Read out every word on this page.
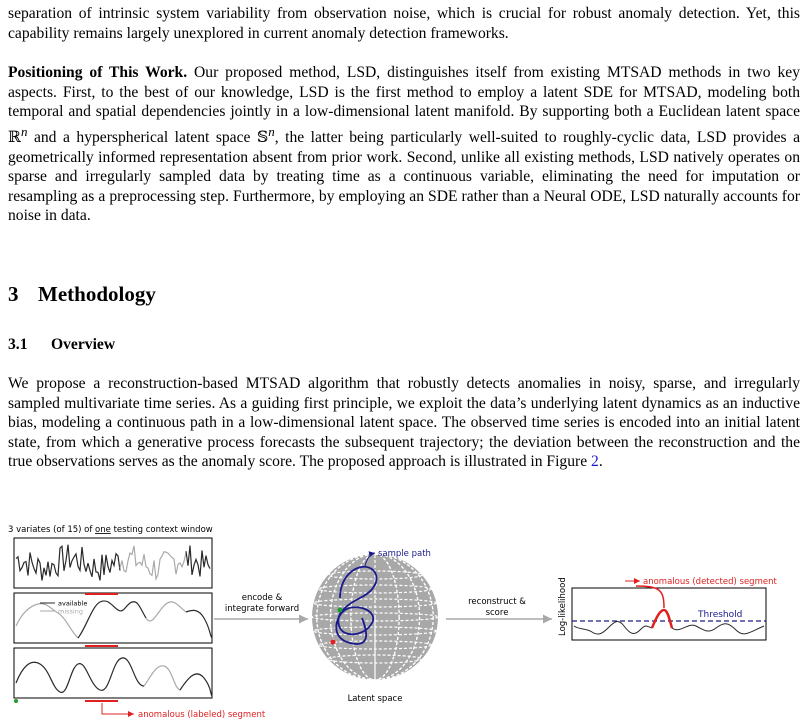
separation of intrinsic system variability from observation noise, which is crucial for robust anomaly detection. Yet, this capability remains largely unexplored in current anomaly detection frameworks.

Positioning of This Work. Our proposed method, LSD, distinguishes itself from existing MTSAD methods in two key aspects. First, to the best of our knowledge, LSD is the first method to employ a latent SDE for MTSAD, modeling both temporal and spatial dependencies jointly in a low-dimensional latent manifold. By supporting both a Euclidean latent space ℝ$^n$ and a hyperspherical latent space 𝕊$^n$, the latter being particularly well-suited to roughly-cyclic data, LSD provides a geometrically informed representation absent from prior work. Second, unlike all existing methods, LSD natively operates on sparse and irregularly sampled data by treating time as a continuous variable, eliminating the need for imputation or resampling as a preprocessing step. Furthermore, by employing an SDE rather than a Neural ODE, LSD naturally accounts for noise in data.

3 Methodology
3.1 Overview

We propose a reconstruction-based MTSAD algorithm that robustly detects anomalies in noisy, sparse, and irregularly sampled multivariate time series. As a guiding first principle, we exploit the data’s underlying latent dynamics as an inductive bias, modeling a continuous path in a low-dimensional latent space. The observed time series is encoded into an initial latent state, from which a generative process forecasts the subsequent trajectory; the deviation between the reconstruction and the true observations serves as the anomaly score. The proposed approach is illustrated in Figure 2.

3 variates (of 15) of one testing context window
available
missing
anomalous (labeled) segment
encode &
integrate forward
sample path
Latent space
reconstruct &
score	Log-likelihood	Threshold
anomalous (detected) segment
